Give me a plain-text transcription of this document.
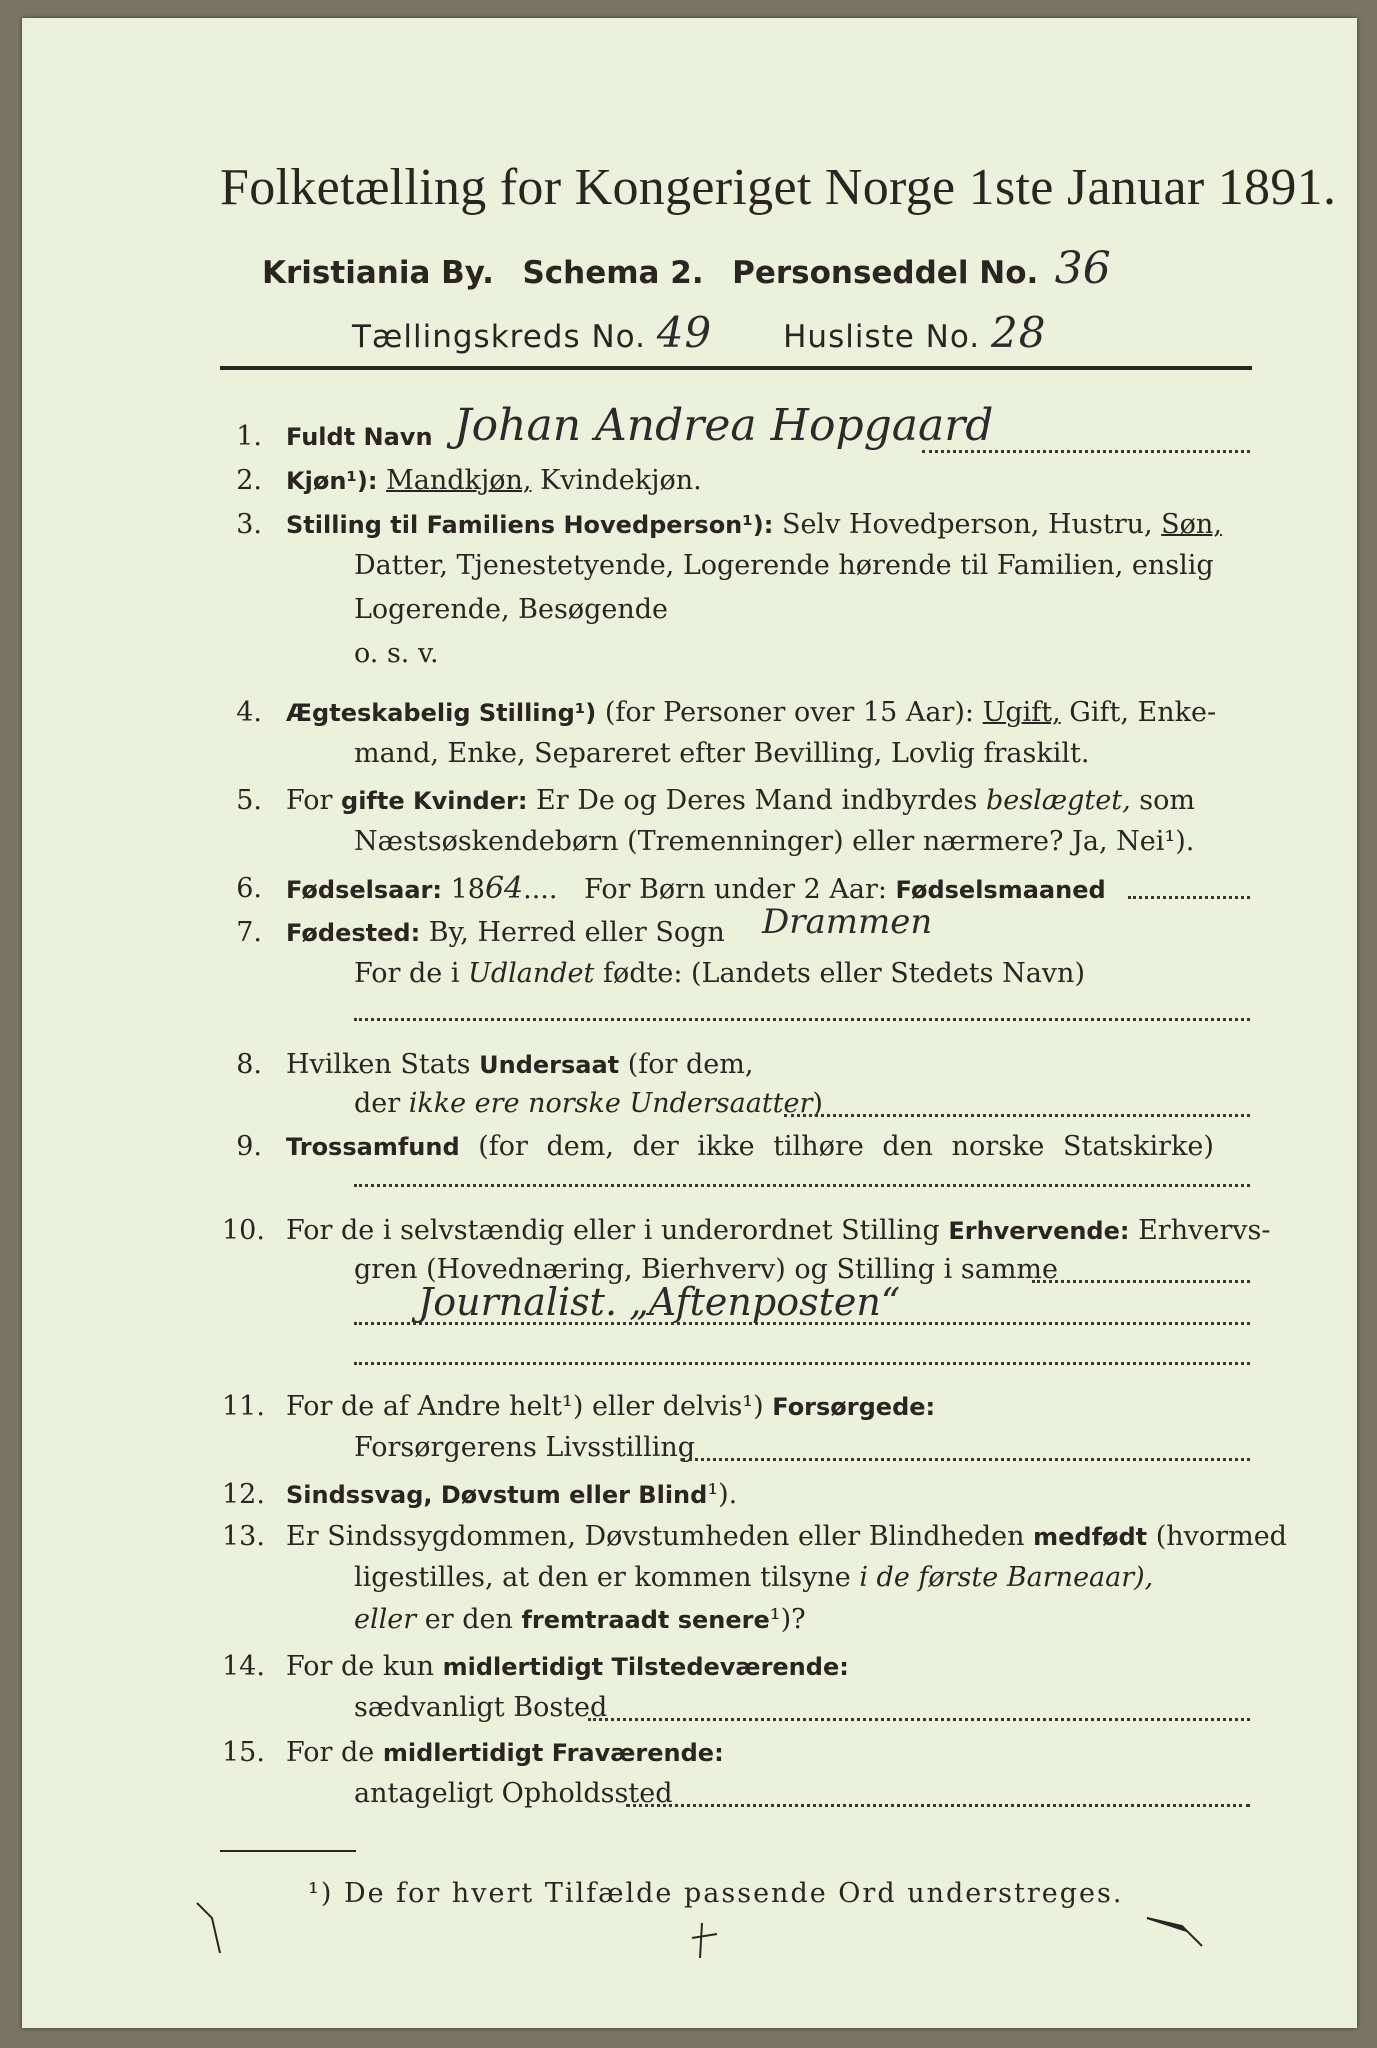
Folketælling for Kongeriget Norge 1ste Januar 1891.
Kristiania By. Schema 2. Personseddel No. 36
Tællingskreds No. 49 Husliste No. 28
1. Fuldt Navn Johan Andrea Hopgaard
2. Kjøn¹): Mandkjøn, Kvindekjøn.
3. Stilling til Familiens Hovedperson¹): Selv Hovedperson, Hustru, Søn,
Datter, Tjenestetyende, Logerende hørende til Familien, enslig
Logerende, Besøgende
o. s. v.
4. Ægteskabelig Stilling¹) (for Personer over 15 Aar): Ugift, Gift, Enke-
mand, Enke, Separeret efter Bevilling, Lovlig fraskilt.
5. For gifte Kvinder: Er De og Deres Mand indbyrdes beslægtet, som
Næstsøskendebørn (Tremenninger) eller nærmere? Ja, Nei¹).
6. Fødselsaar: 1864.... For Børn under 2 Aar: Fødselsmaaned
7. Fødested: By, Herred eller Sogn Drammen
For de i Udlandet fødte: (Landets eller Stedets Navn)
8. Hvilken Stats Undersaat (for dem,
der ikke ere norske Undersaatter)
9. Trossamfund (for dem, der ikke tilhøre den norske Statskirke)
10. For de i selvstændig eller i underordnet Stilling Erhvervende: Erhvervs-
gren (Hovednæring, Bierhverv) og Stilling i samme
Journalist. „Aftenposten“
11. For de af Andre helt¹) eller delvis¹) Forsørgede:
Forsørgerens Livsstilling
12. Sindssvag, Døvstum eller Blind¹).
13. Er Sindssygdommen, Døvstumheden eller Blindheden medfødt (hvormed
ligestilles, at den er kommen tilsyne i de første Barneaar),
eller er den fremtraadt senere¹)?
14. For de kun midlertidigt Tilstedeværende:
sædvanligt Bosted
15. For de midlertidigt Fraværende:
antageligt Opholdssted
¹) De for hvert Tilfælde passende Ord understreges.
